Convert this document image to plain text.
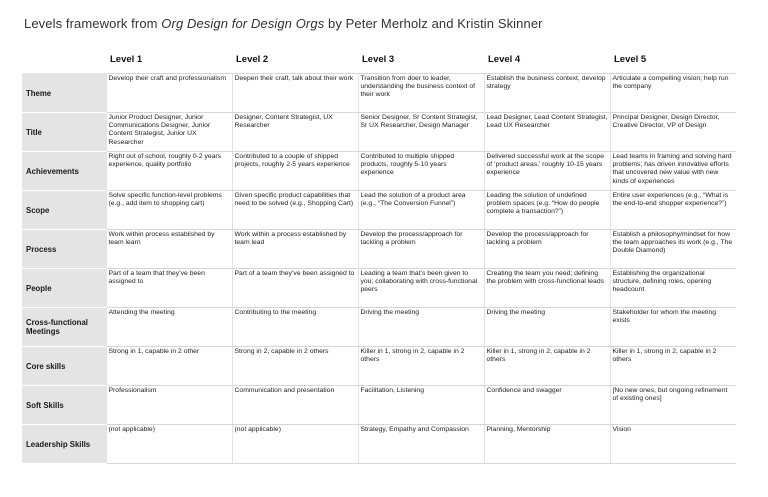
Levels framework from Org Design for Design Orgs by Peter Merholz and Kristin Skinner
	Level 1	Level 2	Level 3	Level 4	Level 5
Theme	Develop their craft and professionalism	Deepen their craft, talk about their work	Transition from doer to leader, understanding the business context of their work	Establish the business context, develop strategy	Articulate a compelling vision; help run the company
Title	Junior Product Designer, Junior Communications Designer, Junior Content Strategist, Junior UX Researcher	Designer, Content Strategist, UX Researcher	Senior Designer, Sr Content Strategist, Sr UX Researcher, Design Manager	Lead Designer, Lead Content Strategist, Lead UX Researcher	Principal Designer, Design Director, Creative Director, VP of Design
Achievements	Right out of school, roughly 0-2 years experience, quality portfolio	Contributed to a couple of shipped projects, roughly 2-5 years experience	Contributed to multiple shipped products, roughly 5-10 years experience	Delivered successful work at the scope of ‘product areas,’ roughly 10-15 years experience	Lead teams in framing and solving hard problems; has driven innovative efforts that uncovered new value with new kinds of experiences
Scope	Solve specific function-level problems (e.g., add item to shopping cart)	Given specific product capabilities that need to be solved (e.g., Shopping Cart)	Lead the solution of a product area (e.g., “The Conversion Funnel”)	Leading the solution of undefined problem spaces (e.g. “How do people complete a transaction?”)	Entire user experiences (e.g., “What is the end-to-end shopper experience?”)
Process	Work within process established by team learn	Work within a process established by team lead	Develop the process/approach for tackling a problem	Develop the process/approach for tackling a problem	Establish a philosophy/mindset for how the team approaches its work (e.g., The Double Diamond)
People	Part of a team that they’ve been assigned to	Part of a team they’ve been assigned to	Leading a team that’s been given to you; collaborating with cross-functional peers	Creating the team you need; defining the problem with cross-functional leads	Establishing the organizational structure, defining roles, opening headcount
Cross-functional Meetings	Attending the meeting	Contributing to the meeting	Driving the meeting	Driving the meeting	Stakeholder for whom the meeting exists
Core skills	Strong in 1, capable in 2 other	Strong in 2, capable in 2 others	Killer in 1, strong in 2, capable in 2 others	Killer in 1, strong in 2, capable in 2 others	Killer in 1, strong in 2, capable in 2 others
Soft Skills	Professionalism	Communication and presentation	Facilitation, Listening	Confidence and swagger	[No new ones, but ongoing refinement of existing ones]
Leadership Skills	(not applicable)	(not applicable)	Strategy, Empathy and Compassion	Planning, Mentorship	Vision
